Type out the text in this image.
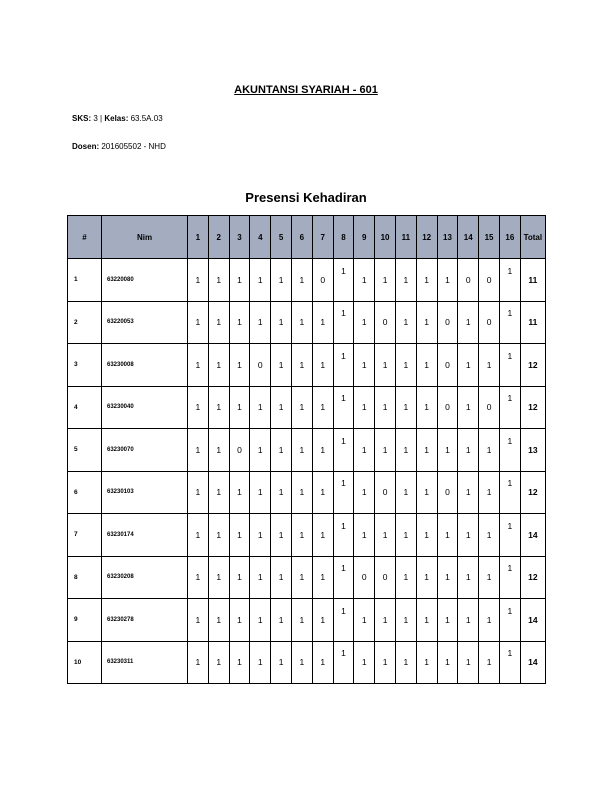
AKUNTANSI SYARIAH - 601
SKS: 3 | Kelas: 63.5A.03
Dosen: 201605502 - NHD
Presensi Kehadiran
#	Nim	1	2	3	4	5	6	7	8	9	10	11	12	13	14	15	16	Total
1	63220080	1	1	1	1	1	1	0	1	1	1	1	1	1	0	0	1	11
2	63220053	1	1	1	1	1	1	1	1	1	0	1	1	0	1	0	1	11
3	63230008	1	1	1	0	1	1	1	1	1	1	1	1	0	1	1	1	12
4	63230040	1	1	1	1	1	1	1	1	1	1	1	1	0	1	0	1	12
5	63230070	1	1	0	1	1	1	1	1	1	1	1	1	1	1	1	1	13
6	63230103	1	1	1	1	1	1	1	1	1	0	1	1	0	1	1	1	12
7	63230174	1	1	1	1	1	1	1	1	1	1	1	1	1	1	1	1	14
8	63230208	1	1	1	1	1	1	1	1	0	0	1	1	1	1	1	1	12
9	63230278	1	1	1	1	1	1	1	1	1	1	1	1	1	1	1	1	14
10	63230311	1	1	1	1	1	1	1	1	1	1	1	1	1	1	1	1	14
